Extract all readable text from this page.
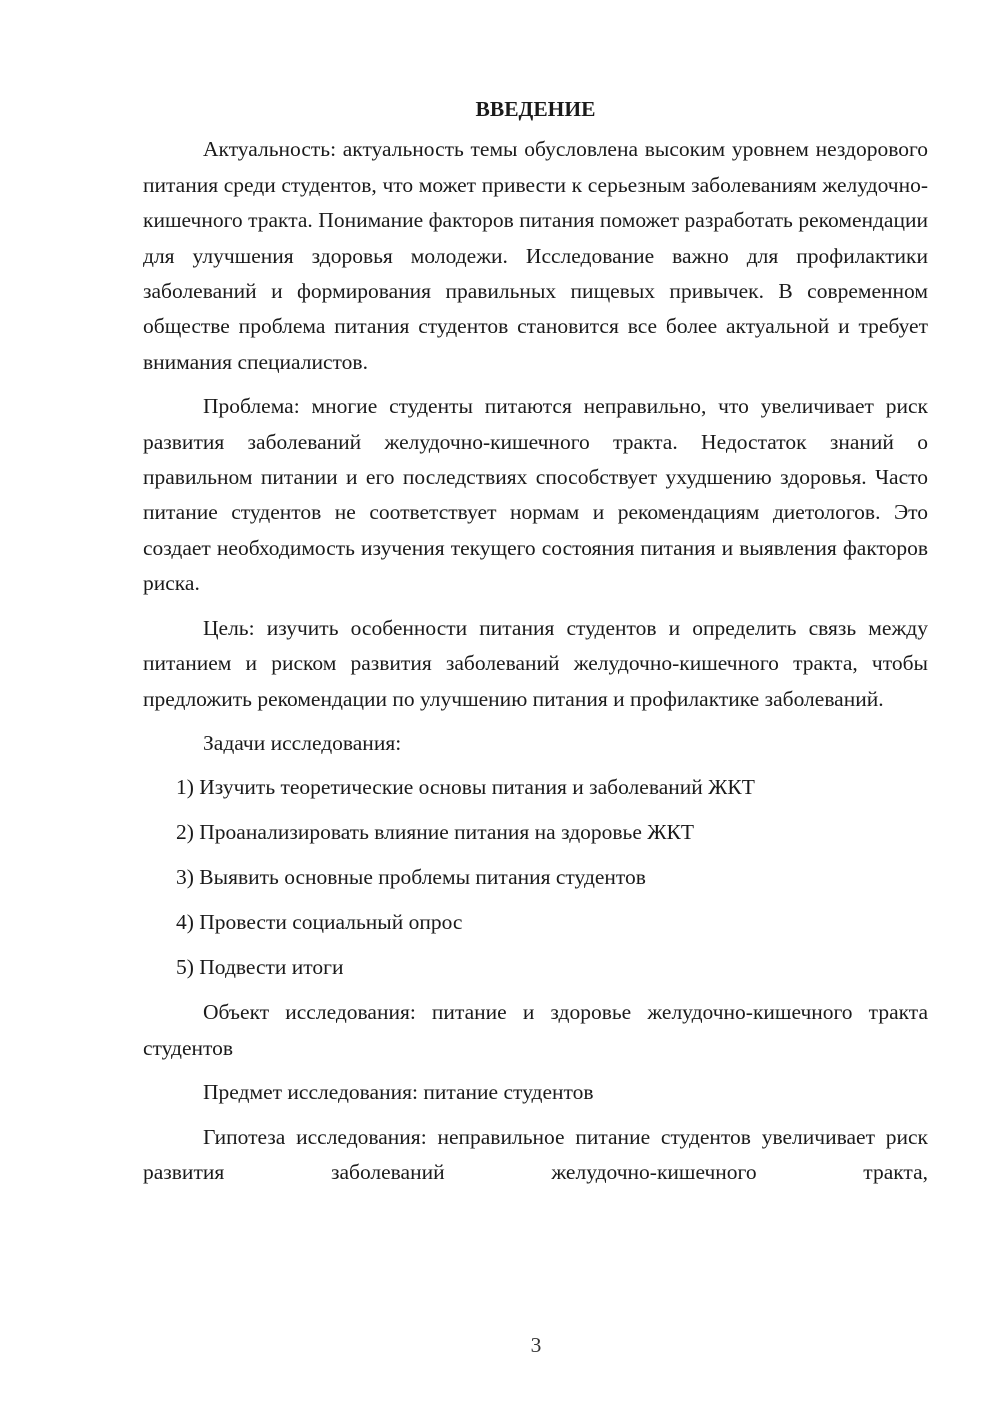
ВВЕДЕНИЕ

Актуальность: актуальность темы обусловлена высоким уровнем нездорового питания среди студентов, что может привести к серьезным заболеваниям желудочно-кишечного тракта. Понимание факторов питания поможет разработать рекомендации для улучшения здоровья молодежи. Исследование важно для профилактики заболеваний и формирования правильных пищевых привычек. В современном обществе проблема питания студентов становится все более актуальной и требует внимания специалистов.

Проблема: многие студенты питаются неправильно, что увеличивает риск развития заболеваний желудочно-кишечного тракта. Недостаток знаний о правильном питании и его последствиях способствует ухудшению здоровья. Часто питание студентов не соответствует нормам и рекомендациям диетологов. Это создает необходимость изучения текущего состояния питания и выявления факторов риска.

Цель: изучить особенности питания студентов и определить связь между питанием и риском развития заболеваний желудочно-кишечного тракта, чтобы предложить рекомендации по улучшению питания и профилактике заболеваний.

Задачи исследования:

1) Изучить теоретические основы питания и заболеваний ЖКТ
2) Проанализировать влияние питания на здоровье ЖКТ
3) Выявить основные проблемы питания студентов
4) Провести социальный опрос
5) Подвести итоги

Объект исследования: питание и здоровье желудочно-кишечного тракта студентов

Предмет исследования: питание студентов

Гипотеза исследования: неправильное питание студентов увеличивает риск развития заболеваний желудочно-кишечного тракта,

3
